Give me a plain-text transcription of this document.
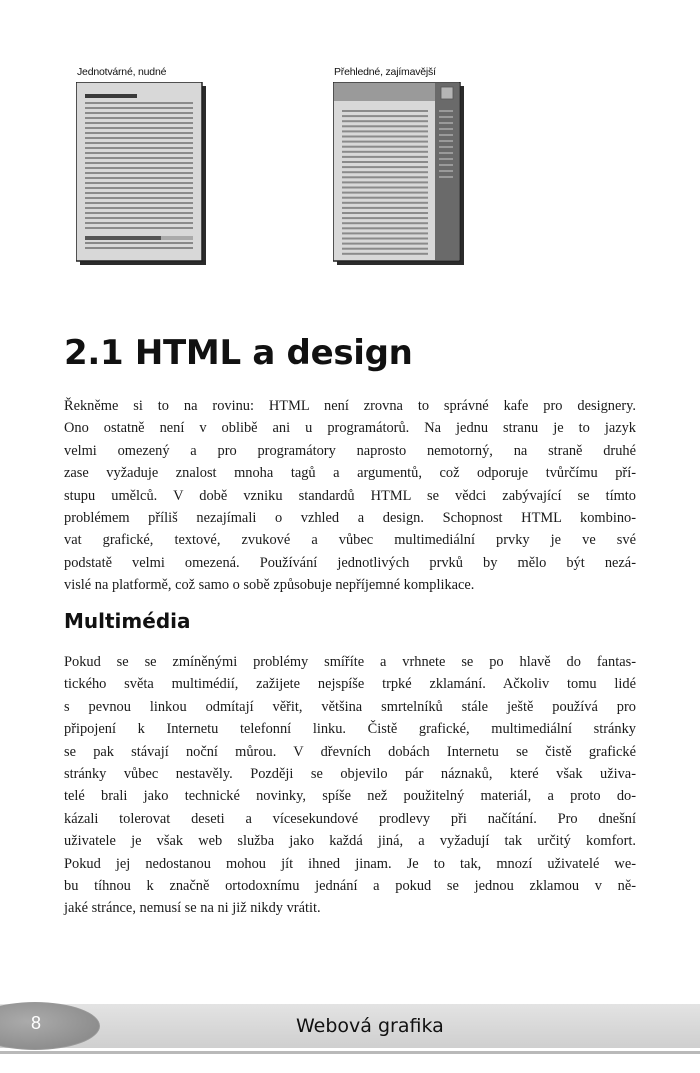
Jednotvárné, nudné	Přehledné, zajímavější
2.1 HTML a design
Řekněme si to na rovinu: HTML není zrovna to správné kafe pro designery.
Ono ostatně není v oblibě ani u programátorů. Na jednu stranu je to jazyk
velmi omezený a pro programátory naprosto nemotorný, na straně druhé
zase vyžaduje znalost mnoha tagů a argumentů, což odporuje tvůrčímu pří-
stupu umělců. V době vzniku standardů HTML se vědci zabývající se tímto
problémem příliš nezajímali o vzhled a design. Schopnost HTML kombino-
vat grafické, textové, zvukové a vůbec multimediální prvky je ve své
podstatě velmi omezená. Používání jednotlivých prvků by mělo být nezá-
vislé na platformě, což samo o sobě způsobuje nepříjemné komplikace.
Multimédia
Pokud se se zmíněnými problémy smíříte a vrhnete se po hlavě do fantas-
tického světa multimédií, zažijete nejspíše trpké zklamání. Ačkoliv tomu lidé
s pevnou linkou odmítají věřit, většina smrtelníků stále ještě používá pro
připojení k Internetu telefonní linku. Čistě grafické, multimediální stránky
se pak stávají noční můrou. V dřevních dobách Internetu se čistě grafické
stránky vůbec nestavěly. Později se objevilo pár náznaků, které však uživa-
telé brali jako technické novinky, spíše než použitelný materiál, a proto do-
kázali tolerovat deseti a vícesekundové prodlevy při načítání. Pro dnešní
uživatele je však web služba jako každá jiná, a vyžadují tak určitý komfort.
Pokud jej nedostanou mohou jít ihned jinam. Je to tak, mnozí uživatelé we-
bu tíhnou k značně ortodoxnímu jednání a pokud se jednou zklamou v ně-
jaké stránce, nemusí se na ni již nikdy vrátit.
8	Webová grafika
